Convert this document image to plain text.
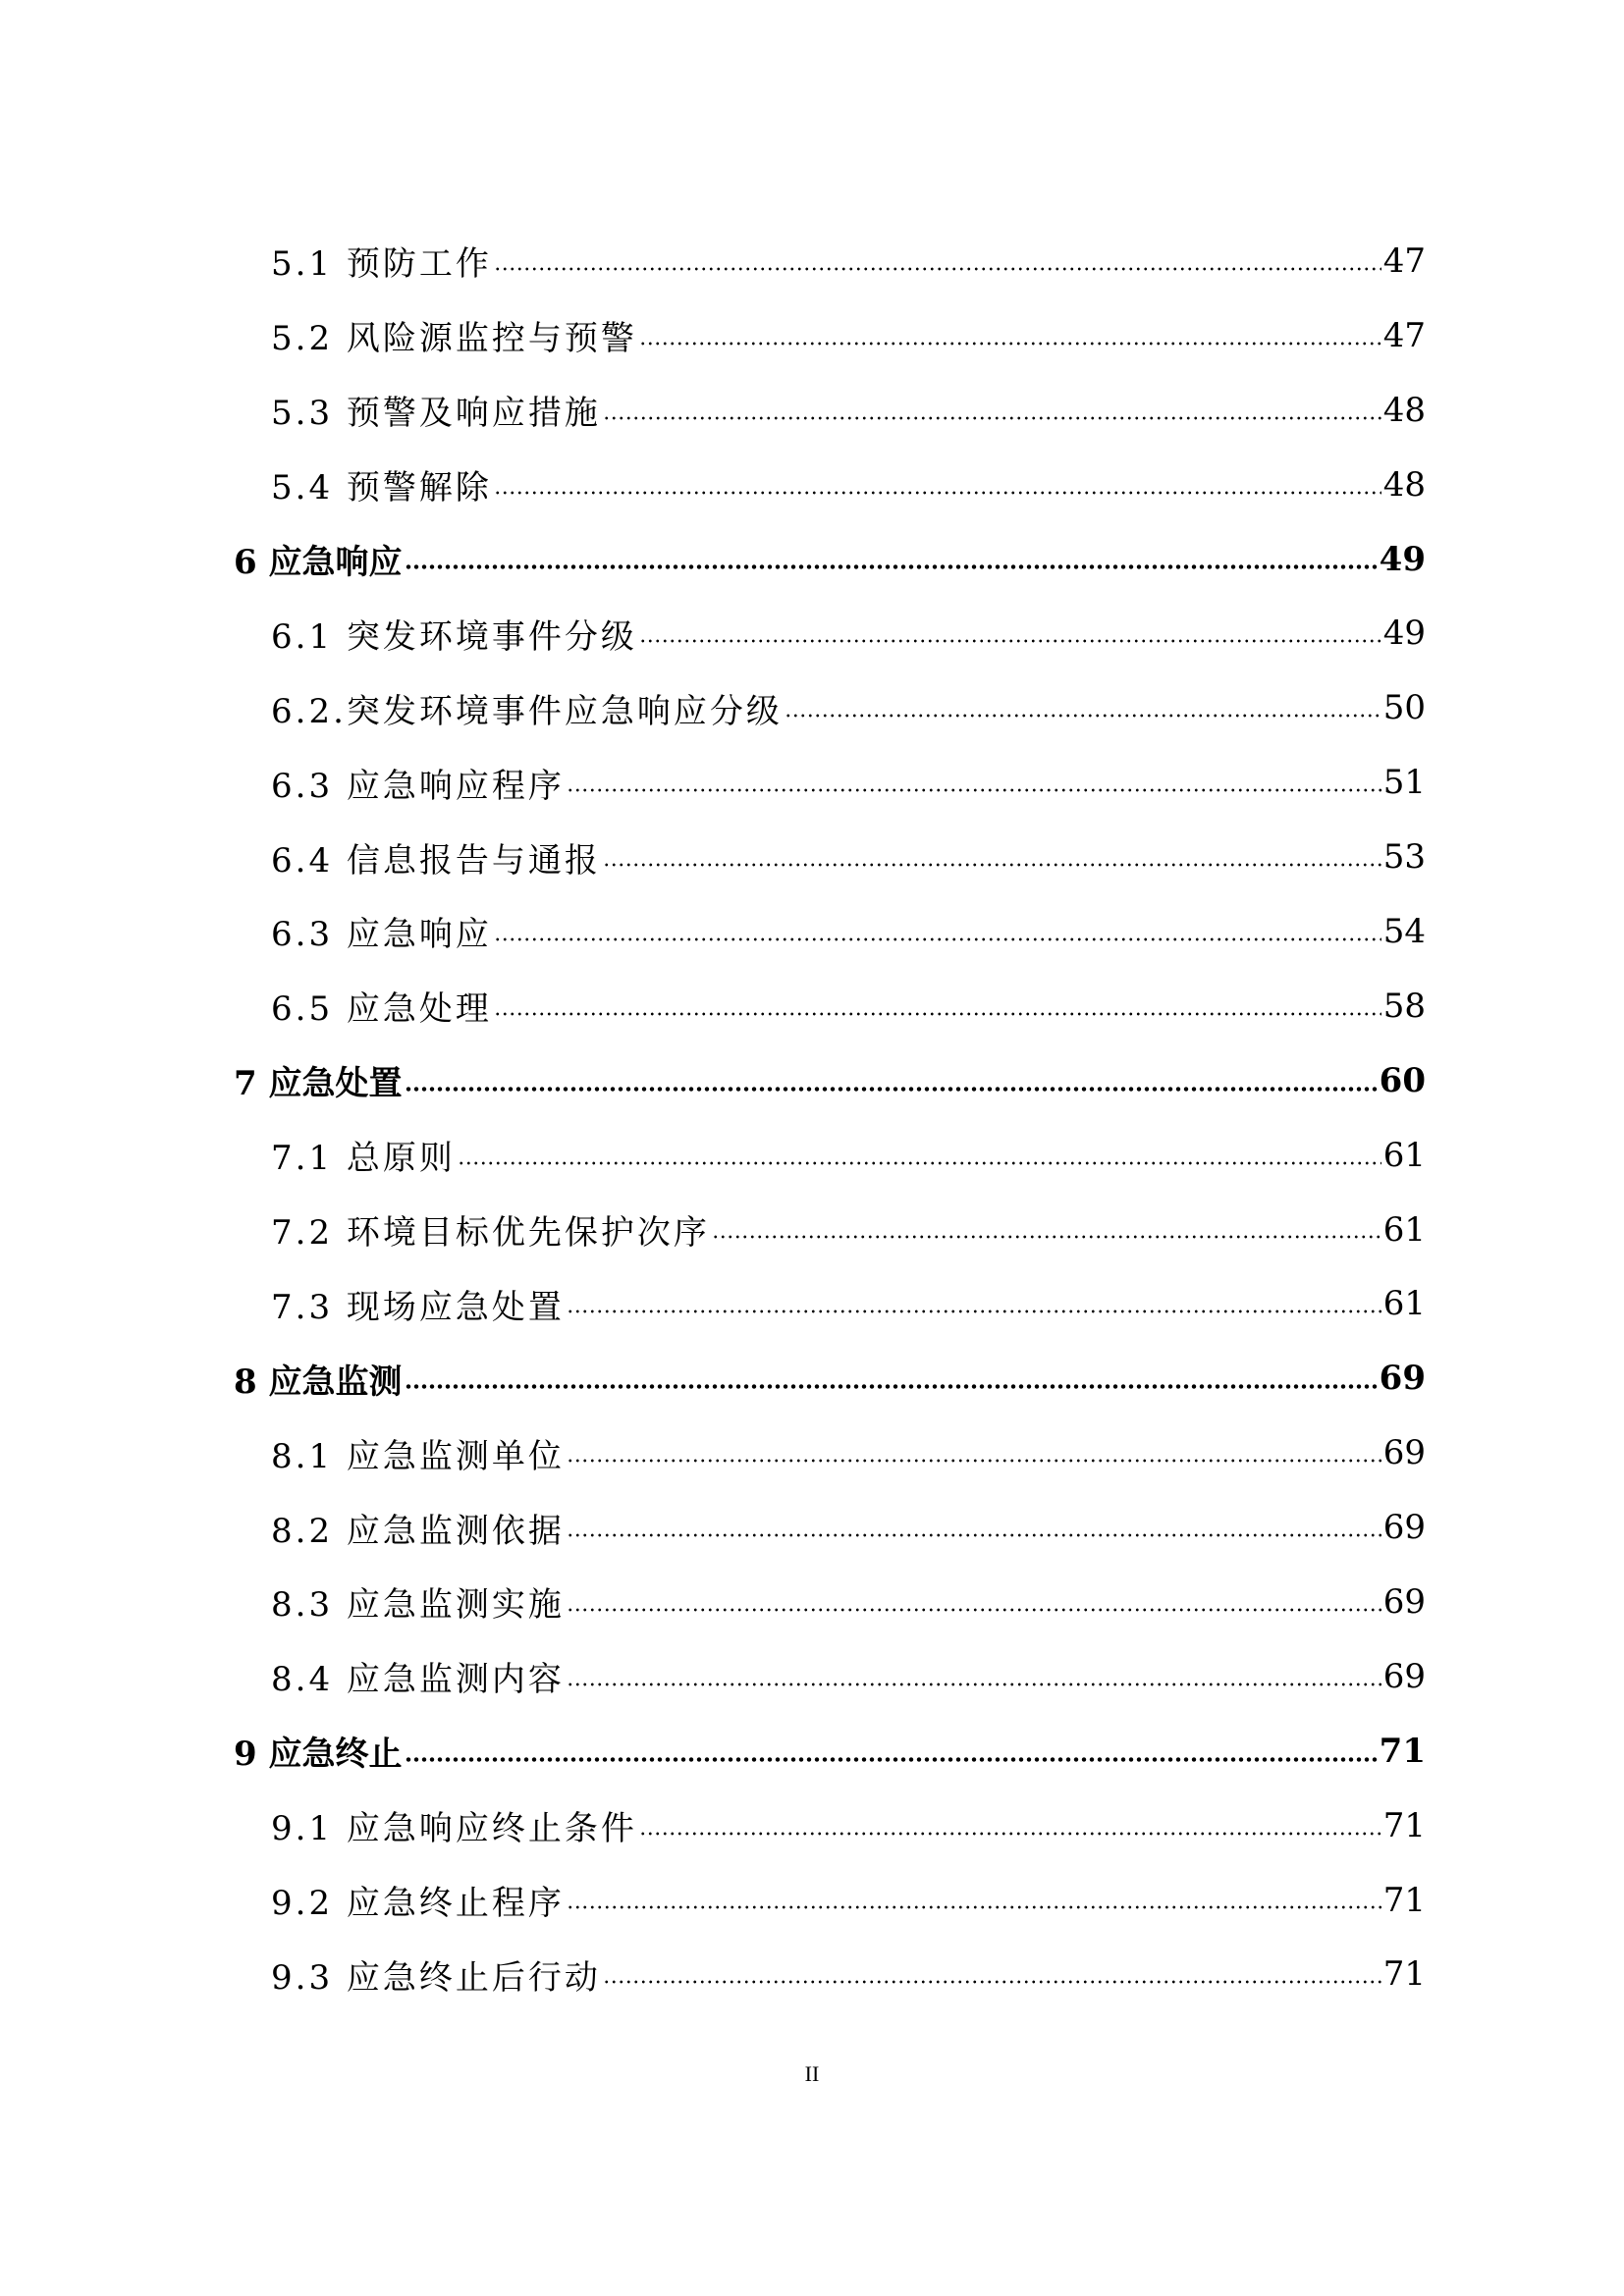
5.1 预防工作	47
5.2 风险源监控与预警	47
5.3 预警及响应措施	48
5.4 预警解除	48
6 应急响应	49
6.1 突发环境事件分级	49
6.2.突发环境事件应急响应分级	50
6.3 应急响应程序	51
6.4 信息报告与通报	53
6.3 应急响应	54
6.5 应急处理	58
7 应急处置	60
7.1 总原则	61
7.2 环境目标优先保护次序	61
7.3 现场应急处置	61
8 应急监测	69
8.1 应急监测单位	69
8.2 应急监测依据	69
8.3 应急监测实施	69
8.4 应急监测内容	69
9 应急终止	71
9.1 应急响应终止条件	71
9.2 应急终止程序	71
9.3 应急终止后行动	71
II
